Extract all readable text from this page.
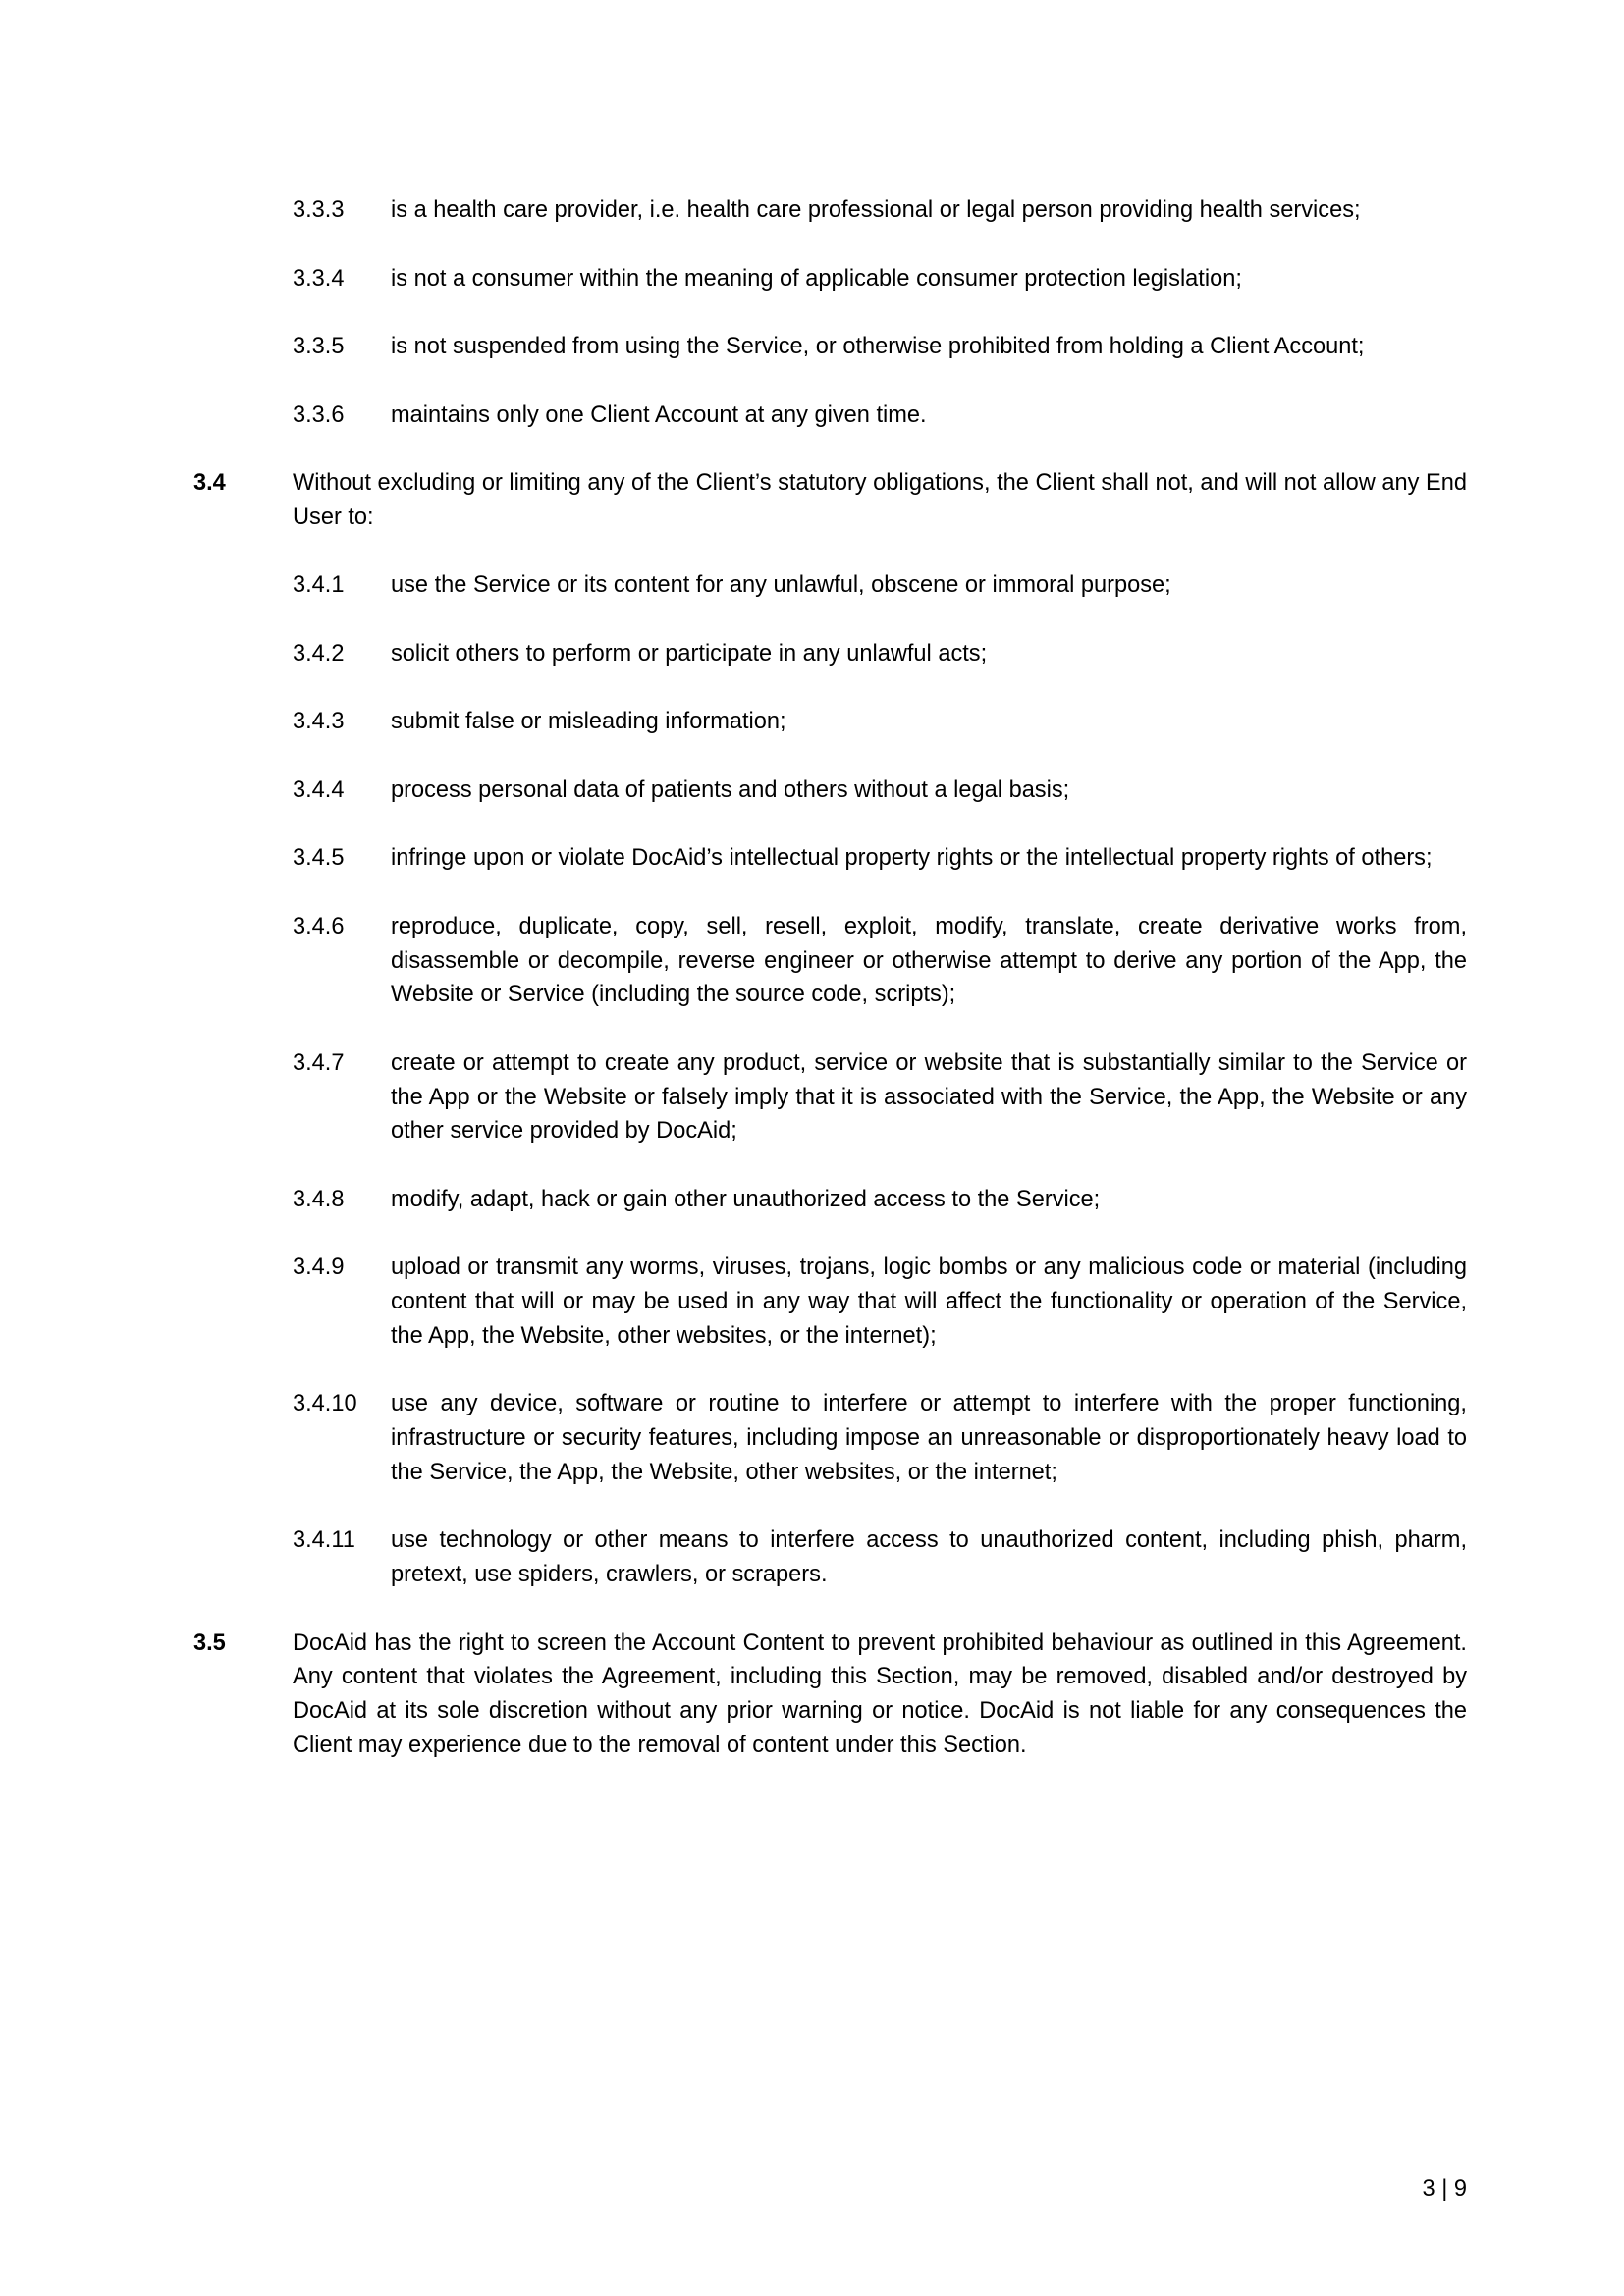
3.3.3 is a health care provider, i.e. health care professional or legal person providing health services;
3.3.4 is not a consumer within the meaning of applicable consumer protection legislation;
3.3.5 is not suspended from using the Service, or otherwise prohibited from holding a Client Account;
3.3.6 maintains only one Client Account at any given time.
3.4	Without excluding or limiting any of the Client’s statutory obligations, the Client shall not, and will not allow any End User to:
3.4.1 use the Service or its content for any unlawful, obscene or immoral purpose;
3.4.2 solicit others to perform or participate in any unlawful acts;
3.4.3 submit false or misleading information;
3.4.4 process personal data of patients and others without a legal basis;
3.4.5 infringe upon or violate DocAid’s intellectual property rights or the intellectual property rights of others;
3.4.6 reproduce, duplicate, copy, sell, resell, exploit, modify, translate, create derivative works from, disassemble or decompile, reverse engineer or otherwise attempt to derive any portion of the App, the Website or Service (including the source code, scripts);
3.4.7 create or attempt to create any product, service or website that is substantially similar to the Service or the App or the Website or falsely imply that it is associated with the Service, the App, the Website or any other service provided by DocAid;
3.4.8 modify, adapt, hack or gain other unauthorized access to the Service;
3.4.9 upload or transmit any worms, viruses, trojans, logic bombs or any malicious code or material (including content that will or may be used in any way that will affect the functionality or operation of the Service, the App, the Website, other websites, or the internet);
3.4.10 use any device, software or routine to interfere or attempt to interfere with the proper functioning, infrastructure or security features, including impose an unreasonable or disproportionately heavy load to the Service, the App, the Website, other websites, or the internet;
3.4.11 use technology or other means to interfere access to unauthorized content, including phish, pharm, pretext, use spiders, crawlers, or scrapers.
3.5	DocAid has the right to screen the Account Content to prevent prohibited behaviour as outlined in this Agreement. Any content that violates the Agreement, including this Section, may be removed, disabled and/or destroyed by DocAid at its sole discretion without any prior warning or notice. DocAid is not liable for any consequences the Client may experience due to the removal of content under this Section.
3 | 9
